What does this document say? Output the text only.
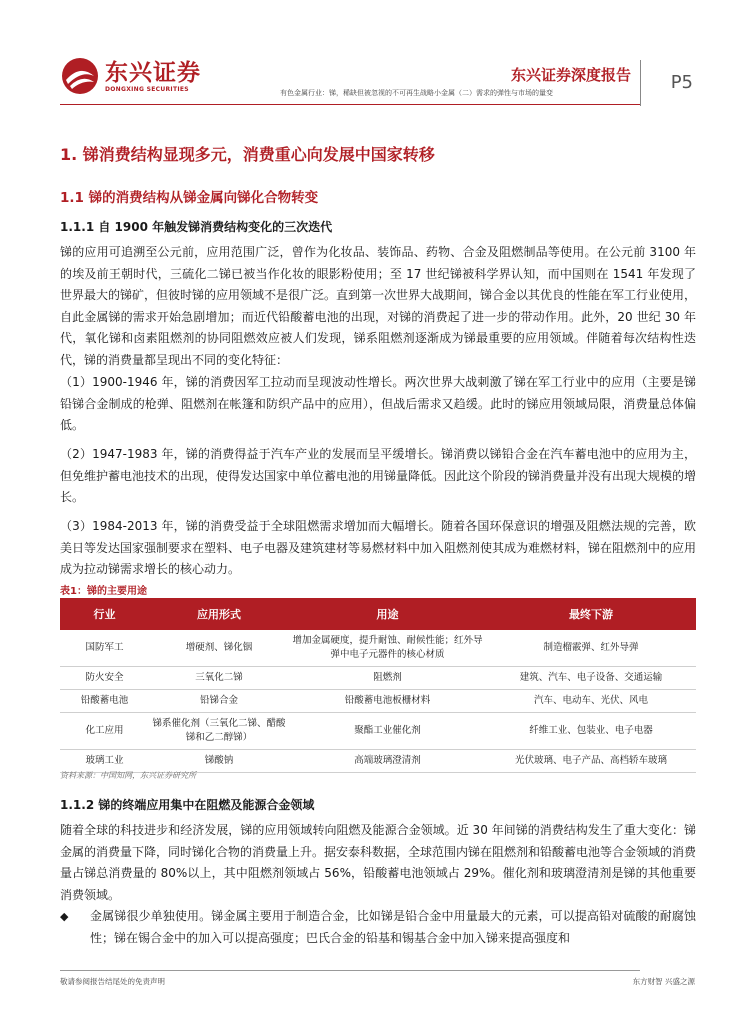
东兴证券
DONGXING SECURITIES
东兴证券深度报告 P5
有色金属行业：锑，稀缺但被忽视的不可再生战略小金属（二）需求的弹性与市场的量变
1. 锑消费结构显现多元，消费重心向发展中国家转移
1.1 锑的消费结构从锑金属向锑化合物转变
1.1.1 自 1900 年触发锑消费结构变化的三次迭代

锑的应用可追溯至公元前，应用范围广泛，曾作为化妆品、装饰品、药物、合金及阻燃制品等使用。在公元前 3100 年的埃及前王朝时代，三硫化二锑已被当作化妆的眼影粉使用；至 17 世纪锑被科学界认知，而中国则在 1541 年发现了世界最大的锑矿，但彼时锑的应用领域不是很广泛。直到第一次世界大战期间，锑合金以其优良的性能在军工行业使用，自此金属锑的需求开始急剧增加；而近代铅酸蓄电池的出现，对锑的消费起了进一步的带动作用。此外，20 世纪 30 年代，氧化锑和卤素阻燃剂的协同阻燃效应被人们发现，锑系阻燃剂逐渐成为锑最重要的应用领域。伴随着每次结构性迭代，锑的消费量都呈现出不同的变化特征：

（1）1900-1946 年，锑的消费因军工拉动而呈现波动性增长。两次世界大战刺激了锑在军工行业中的应用（主要是锑铅锑合金制成的枪弹、阻燃剂在帐篷和防织产品中的应用），但战后需求又趋缓。此时的锑应用领域局限，消费量总体偏低。

（2）1947-1983 年，锑的消费得益于汽车产业的发展而呈平缓增长。锑消费以锑铅合金在汽车蓄电池中的应用为主，但免维护蓄电池技术的出现，使得发达国家中单位蓄电池的用锑量降低。因此这个阶段的锑消费量并没有出现大规模的增长。

（3）1984-2013 年，锑的消费受益于全球阻燃需求增加而大幅增长。随着各国环保意识的增强及阻燃法规的完善，欧美日等发达国家强制要求在塑料、电子电器及建筑建材等易燃材料中加入阻燃剂使其成为难燃材料，锑在阻燃剂中的应用成为拉动锑需求增长的核心动力。

表1：锑的主要用途
行业	应用形式	用途	最终下游
国防军工	增硬剂、锑化铟	增加金属硬度，提升耐蚀、耐候性能；红外导弹中电子元器件的核心材质	制造榴霰弹、红外导弹
防火安全	三氧化二锑	阻燃剂	建筑、汽车、电子设备、交通运输
铅酸蓄电池	铅锑合金	铅酸蓄电池板栅材料	汽车、电动车、光伏、风电
化工应用	锑系催化剂（三氧化二锑、醋酸锑和乙二醇锑）	聚酯工业催化剂	纤维工业、包装业、电子电器
玻璃工业	锑酸钠	高端玻璃澄清剂	光伏玻璃、电子产品、高档轿车玻璃
资料来源：中国知网，东兴证券研究所
1.1.2 锑的终端应用集中在阻燃及能源合金领域

随着全球的科技进步和经济发展，锑的应用领域转向阻燃及能源合金领域。近 30 年间锑的消费结构发生了重大变化：锑金属的消费量下降，同时锑化合物的消费量上升。据安泰科数据，全球范围内锑在阻燃剂和铅酸蓄电池等合金领域的消费量占锑总消费量的 80%以上，其中阻燃剂领域占 56%，铅酸蓄电池领域占 29%。催化剂和玻璃澄清剂是锑的其他重要消费领域。

◆	金属锑很少单独使用。锑金属主要用于制造合金，比如锑是铅合金中用量最大的元素，可以提高铅对硫酸的耐腐蚀性；锑在锡合金中的加入可以提高强度；巴氏合金的铅基和锡基合金中加入锑来提高强度和

敬请参阅报告结尾处的免责声明	东方财智 兴盛之源
